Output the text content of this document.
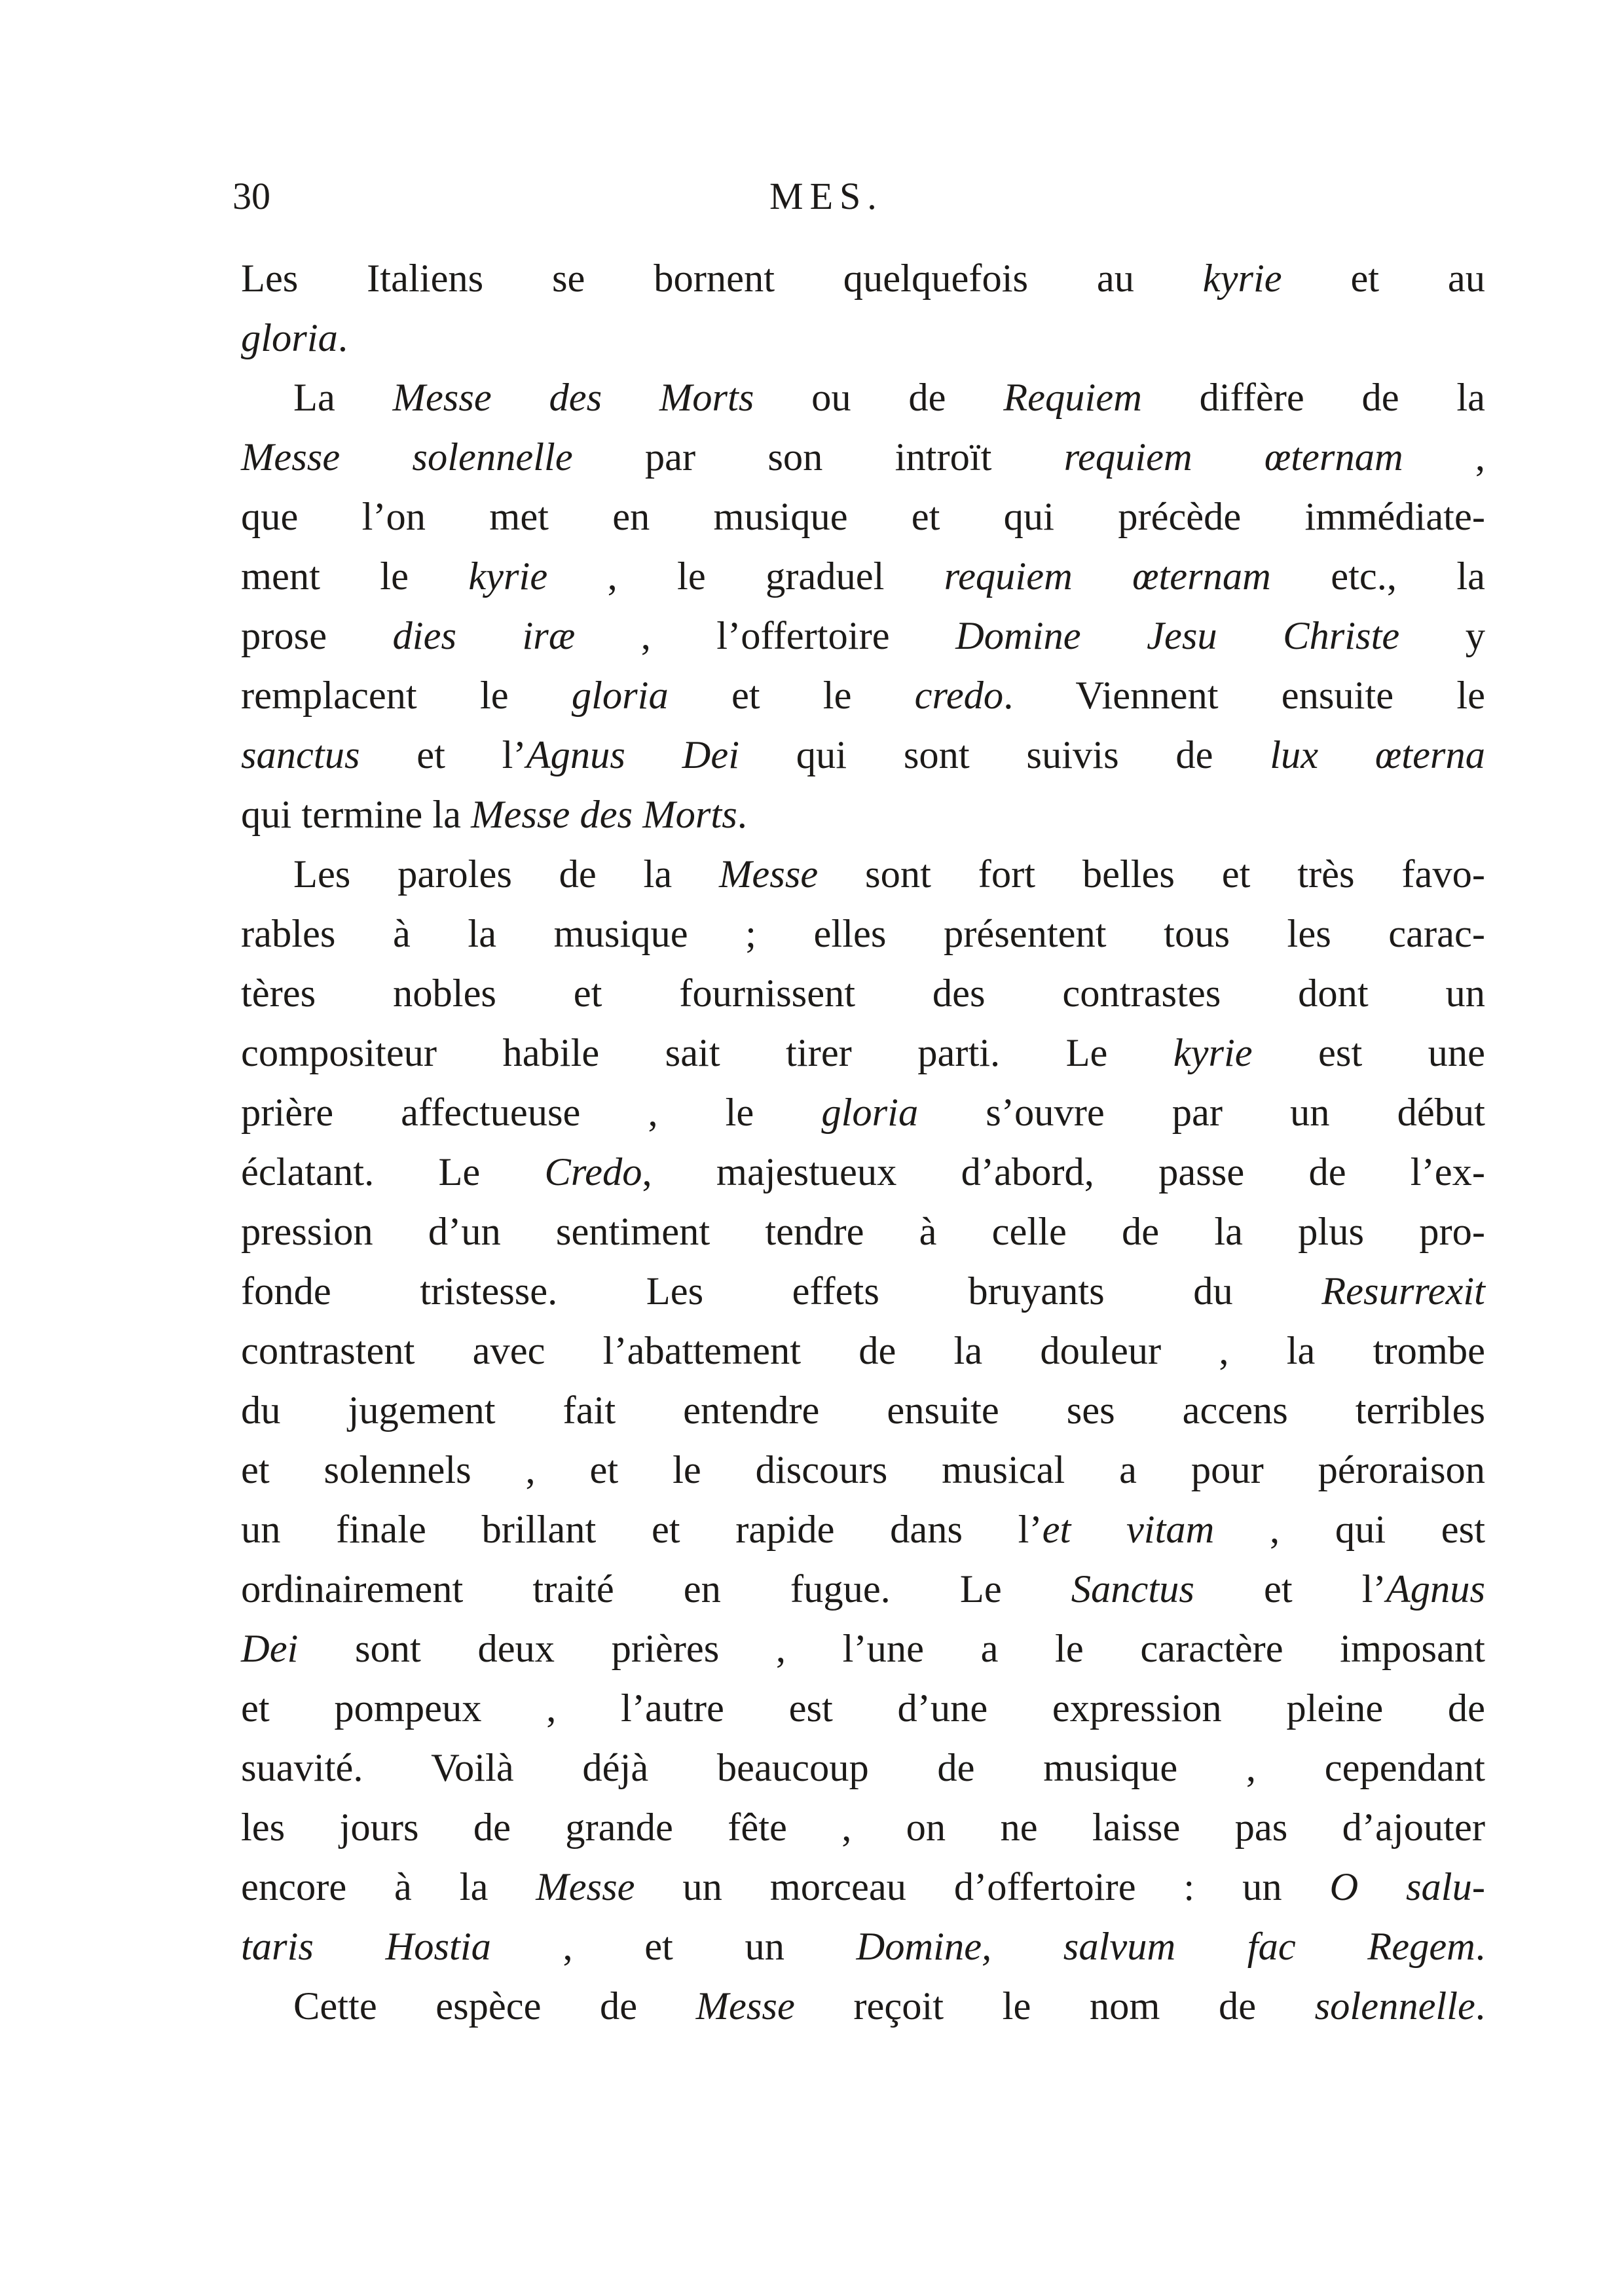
30	MES.
Les Italiens se bornent quelquefois au kyrie et au
gloria.
La Messe des Morts ou de Requiem diffère de la
Messe solennelle par son introït requiem œternam ,
que l’on met en musique et qui précède immédiate-
ment le kyrie , le graduel requiem œternam etc., la
prose dies iræ , l’offertoire Domine Jesu Christe y
remplacent le gloria et le credo. Viennent ensuite le
sanctus et l’Agnus Dei qui sont suivis de lux œterna
qui termine la Messe des Morts.
Les paroles de la Messe sont fort belles et très favo-
rables à la musique ; elles présentent tous les carac-
tères nobles et fournissent des contrastes dont un
compositeur habile sait tirer parti. Le kyrie est une
prière affectueuse , le gloria s’ouvre par un début
éclatant. Le Credo, majestueux d’abord, passe de l’ex-
pression d’un sentiment tendre à celle de la plus pro-
fonde tristesse. Les effets bruyants du Resurrexit
contrastent avec l’abattement de la douleur , la trombe
du jugement fait entendre ensuite ses accens terribles
et solennels , et le discours musical a pour péroraison
un finale brillant et rapide dans l’et vitam , qui est
ordinairement traité en fugue. Le Sanctus et l’Agnus
Dei sont deux prières , l’une a le caractère imposant
et pompeux , l’autre est d’une expression pleine de
suavité. Voilà déjà beaucoup de musique , cependant
les jours de grande fête , on ne laisse pas d’ajouter
encore à la Messe un morceau d’offertoire : un O salu-
taris Hostia , et un Domine, salvum fac Regem.
Cette espèce de Messe reçoit le nom de solennelle.
